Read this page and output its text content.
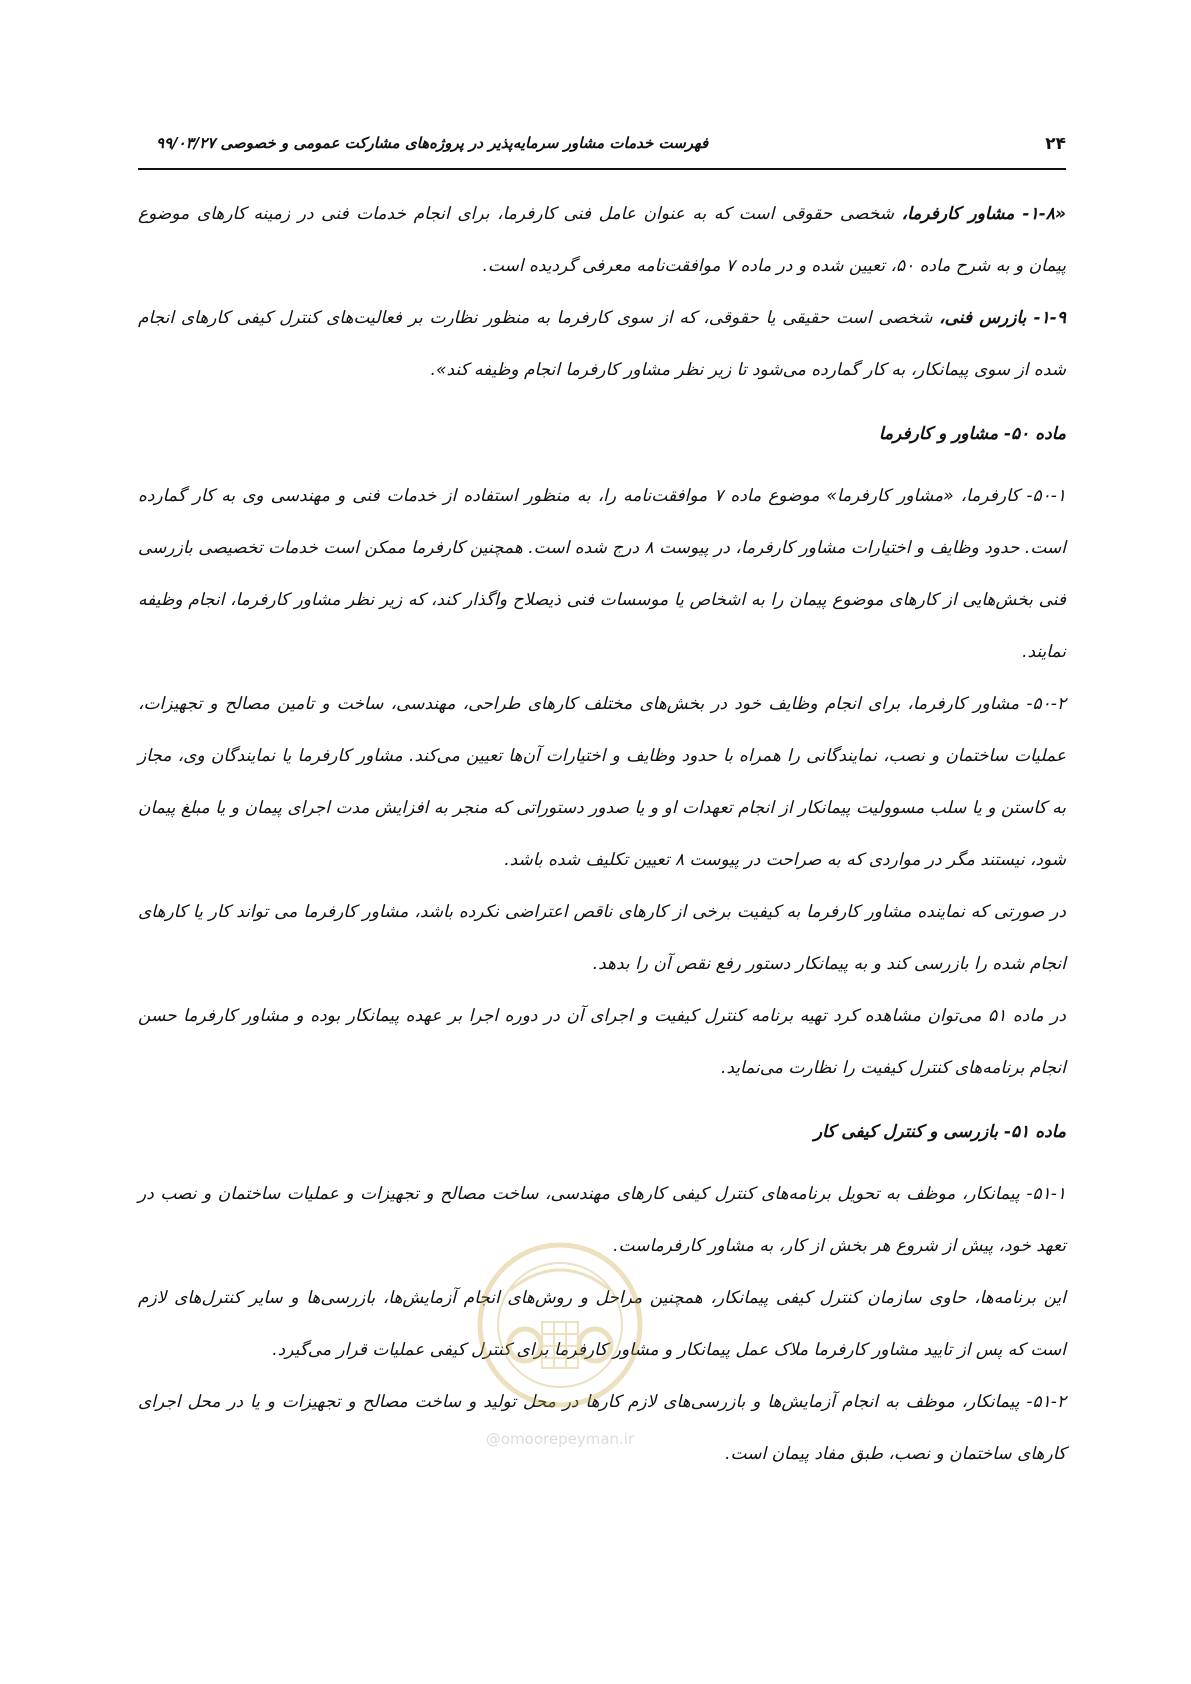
۲۴
فهرست خدمات مشاور سرمایه‌پذیر در پروژه‌های مشارکت عمومی و خصوصی ۹۹/۰۳/۲۷

«۱-۸- مشاور کارفرما، شخصی حقوقی است که به عنوان عامل فنی کارفرما، برای انجام خدمات فنی در زمینه کارهای موضوع پیمان و به شرح ماده ۵۰، تعیین شده و در ماده ۷ موافقت‌نامه معرفی گردیده است.

۱-۹- بازرس فنی، شخصی است حقیقی یا حقوقی، که از سوی کارفرما به منظور نظارت بر فعالیت‌های کنترل کیفی کارهای انجام شده از سوی پیمانکار، به کار گمارده می‌شود تا زیر نظر مشاور کارفرما انجام وظیفه کند».

ماده ۵۰- مشاور و کارفرما

۵۰-۱- کارفرما، «مشاور کارفرما» موضوع ماده ۷ موافقت‌نامه را، به منظور استفاده از خدمات فنی و مهندسی وی به کار گمارده است. حدود وظایف و اختیارات مشاور کارفرما، در پیوست ۸ درج شده است. همچنین کارفرما ممکن است خدمات تخصیصی بازرسی فنی بخش‌هایی از کارهای موضوع پیمان را به اشخاص یا موسسات فنی ذیصلاح واگذار کند، که زیر نظر مشاور کارفرما، انجام وظیفه نمایند.

۵۰-۲- مشاور کارفرما، برای انجام وظایف خود در بخش‌های مختلف کارهای طراحی، مهندسی، ساخت و تامین مصالح و تجهیزات، عملیات ساختمان و نصب، نمایندگانی را همراه با حدود وظایف و اختیارات آن‌ها تعیین می‌کند. مشاور کارفرما یا نمایندگان وی، مجاز به کاستن و یا سلب مسوولیت پیمانکار از انجام تعهدات او و یا صدور دستوراتی که منجر به افزایش مدت اجرای پیمان و یا مبلغ پیمان شود، نیستند مگر در مواردی که به صراحت در پیوست ۸ تعیین تکلیف شده باشد.

در صورتی که نماینده مشاور کارفرما به کیفیت برخی از کارهای ناقص اعتراضی نکرده باشد، مشاور کارفرما می تواند کار یا کارهای انجام شده را بازرسی کند و به پیمانکار دستور رفع نقص آن را بدهد.

در ماده ۵۱ می‌توان مشاهده کرد تهیه برنامه کنترل کیفیت و اجرای آن در دوره اجرا بر عهده پیمانکار بوده و مشاور کارفرما حسن انجام برنامه‌های کنترل کیفیت را نظارت می‌نماید.

ماده ۵۱- بازرسی و کنترل کیفی کار

۵۱-۱- پیمانکار، موظف به تحویل برنامه‌های کنترل کیفی کارهای مهندسی، ساخت مصالح و تجهیزات و عملیات ساختمان و نصب در تعهد خود، پیش از شروع هر بخش از کار، به مشاور کارفرماست.

این برنامه‌ها، حاوی سازمان کنترل کیفی پیمانکار، همچنین مراحل و روش‌های انجام آزمایش‌ها، بازرسی‌ها و سایر کنترل‌های لازم است که پس از تایید مشاور کارفرما ملاک عمل پیمانکار و مشاور کارفرما برای کنترل کیفی عملیات قرار می‌گیرد.

۵۱-۲- پیمانکار، موظف به انجام آزمایش‌ها و بازرسی‌های لازم کارها در محل تولید و ساخت مصالح و تجهیزات و یا در محل اجرای کارهای ساختمان و نصب، طبق مفاد پیمان است.

@omoorepeyman.ir
